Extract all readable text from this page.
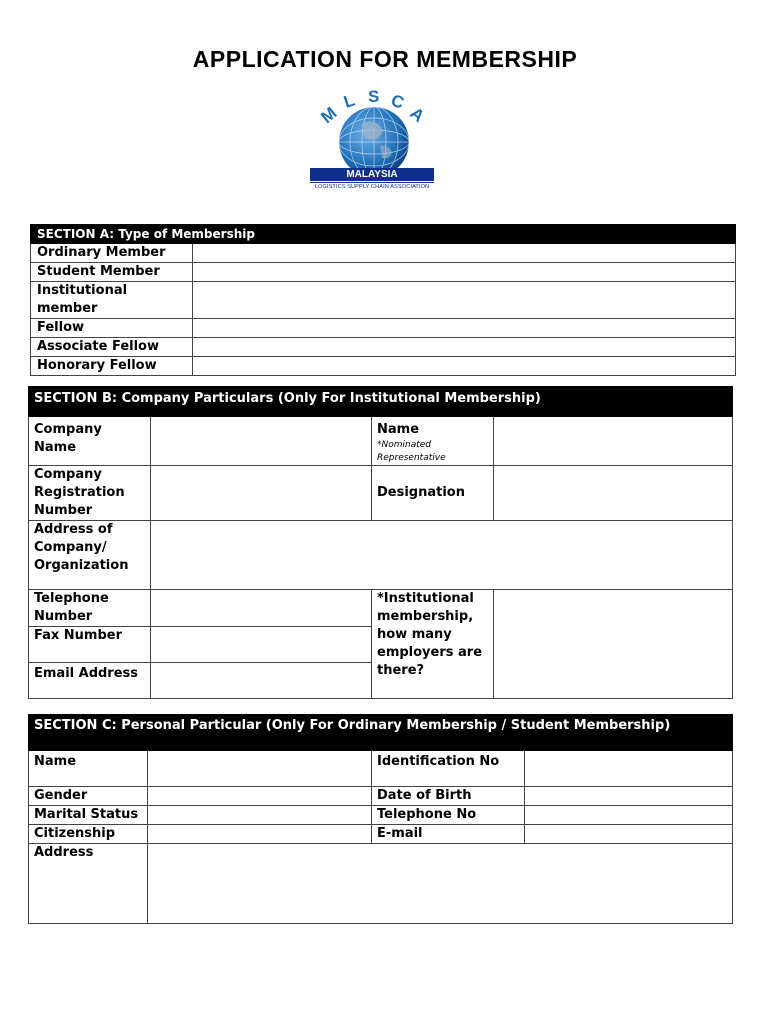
APPLICATION FOR MEMBERSHIP
M
L S C
A
MALAYSIA
LOGISTICS SUPPLY CHAIN ASSOCIATION
SECTION A: Type of Membership	
Ordinary Member	
Student Member	
Institutional member	
Fellow	
Associate Fellow	
Honorary Fellow	
SECTION B: Company Particulars (Only For Institutional Membership)			
Company Name		Name
*Nominated Representative	

Company Registration Number		Designation	
Address of Company/ Organization			
Telephone Number		*Institutional membership, how many employers are there?	
Fax Number			
Email Address			
SECTION C: Personal Particular (Only For Ordinary Membership / Student Membership)			
Name		Identification No	
Gender		Date of Birth	
Marital Status		Telephone No	
Citizenship		E-mail	
Address			
